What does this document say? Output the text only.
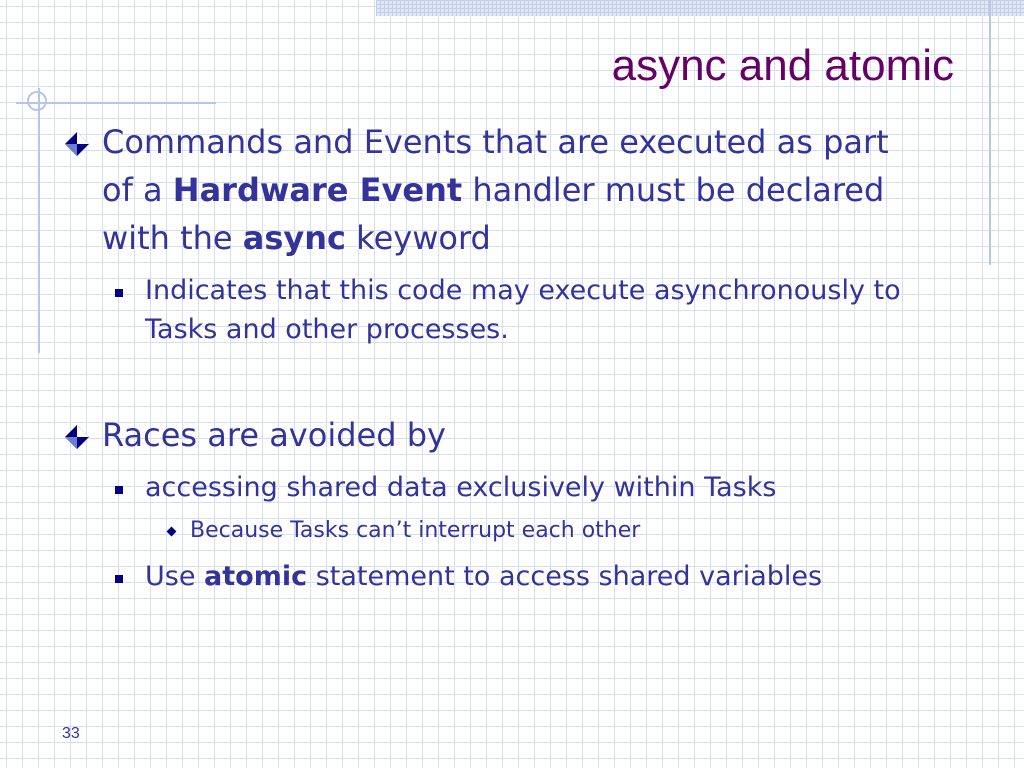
async and atomic
Commands and Events that are executed as part of a Hardware Event handler must be declared with the async keyword
Indicates that this code may execute asynchronously to Tasks and other processes.
Races are avoided by
accessing shared data exclusively within Tasks
Because Tasks can’t interrupt each other
Use atomic statement to access shared variables
33
